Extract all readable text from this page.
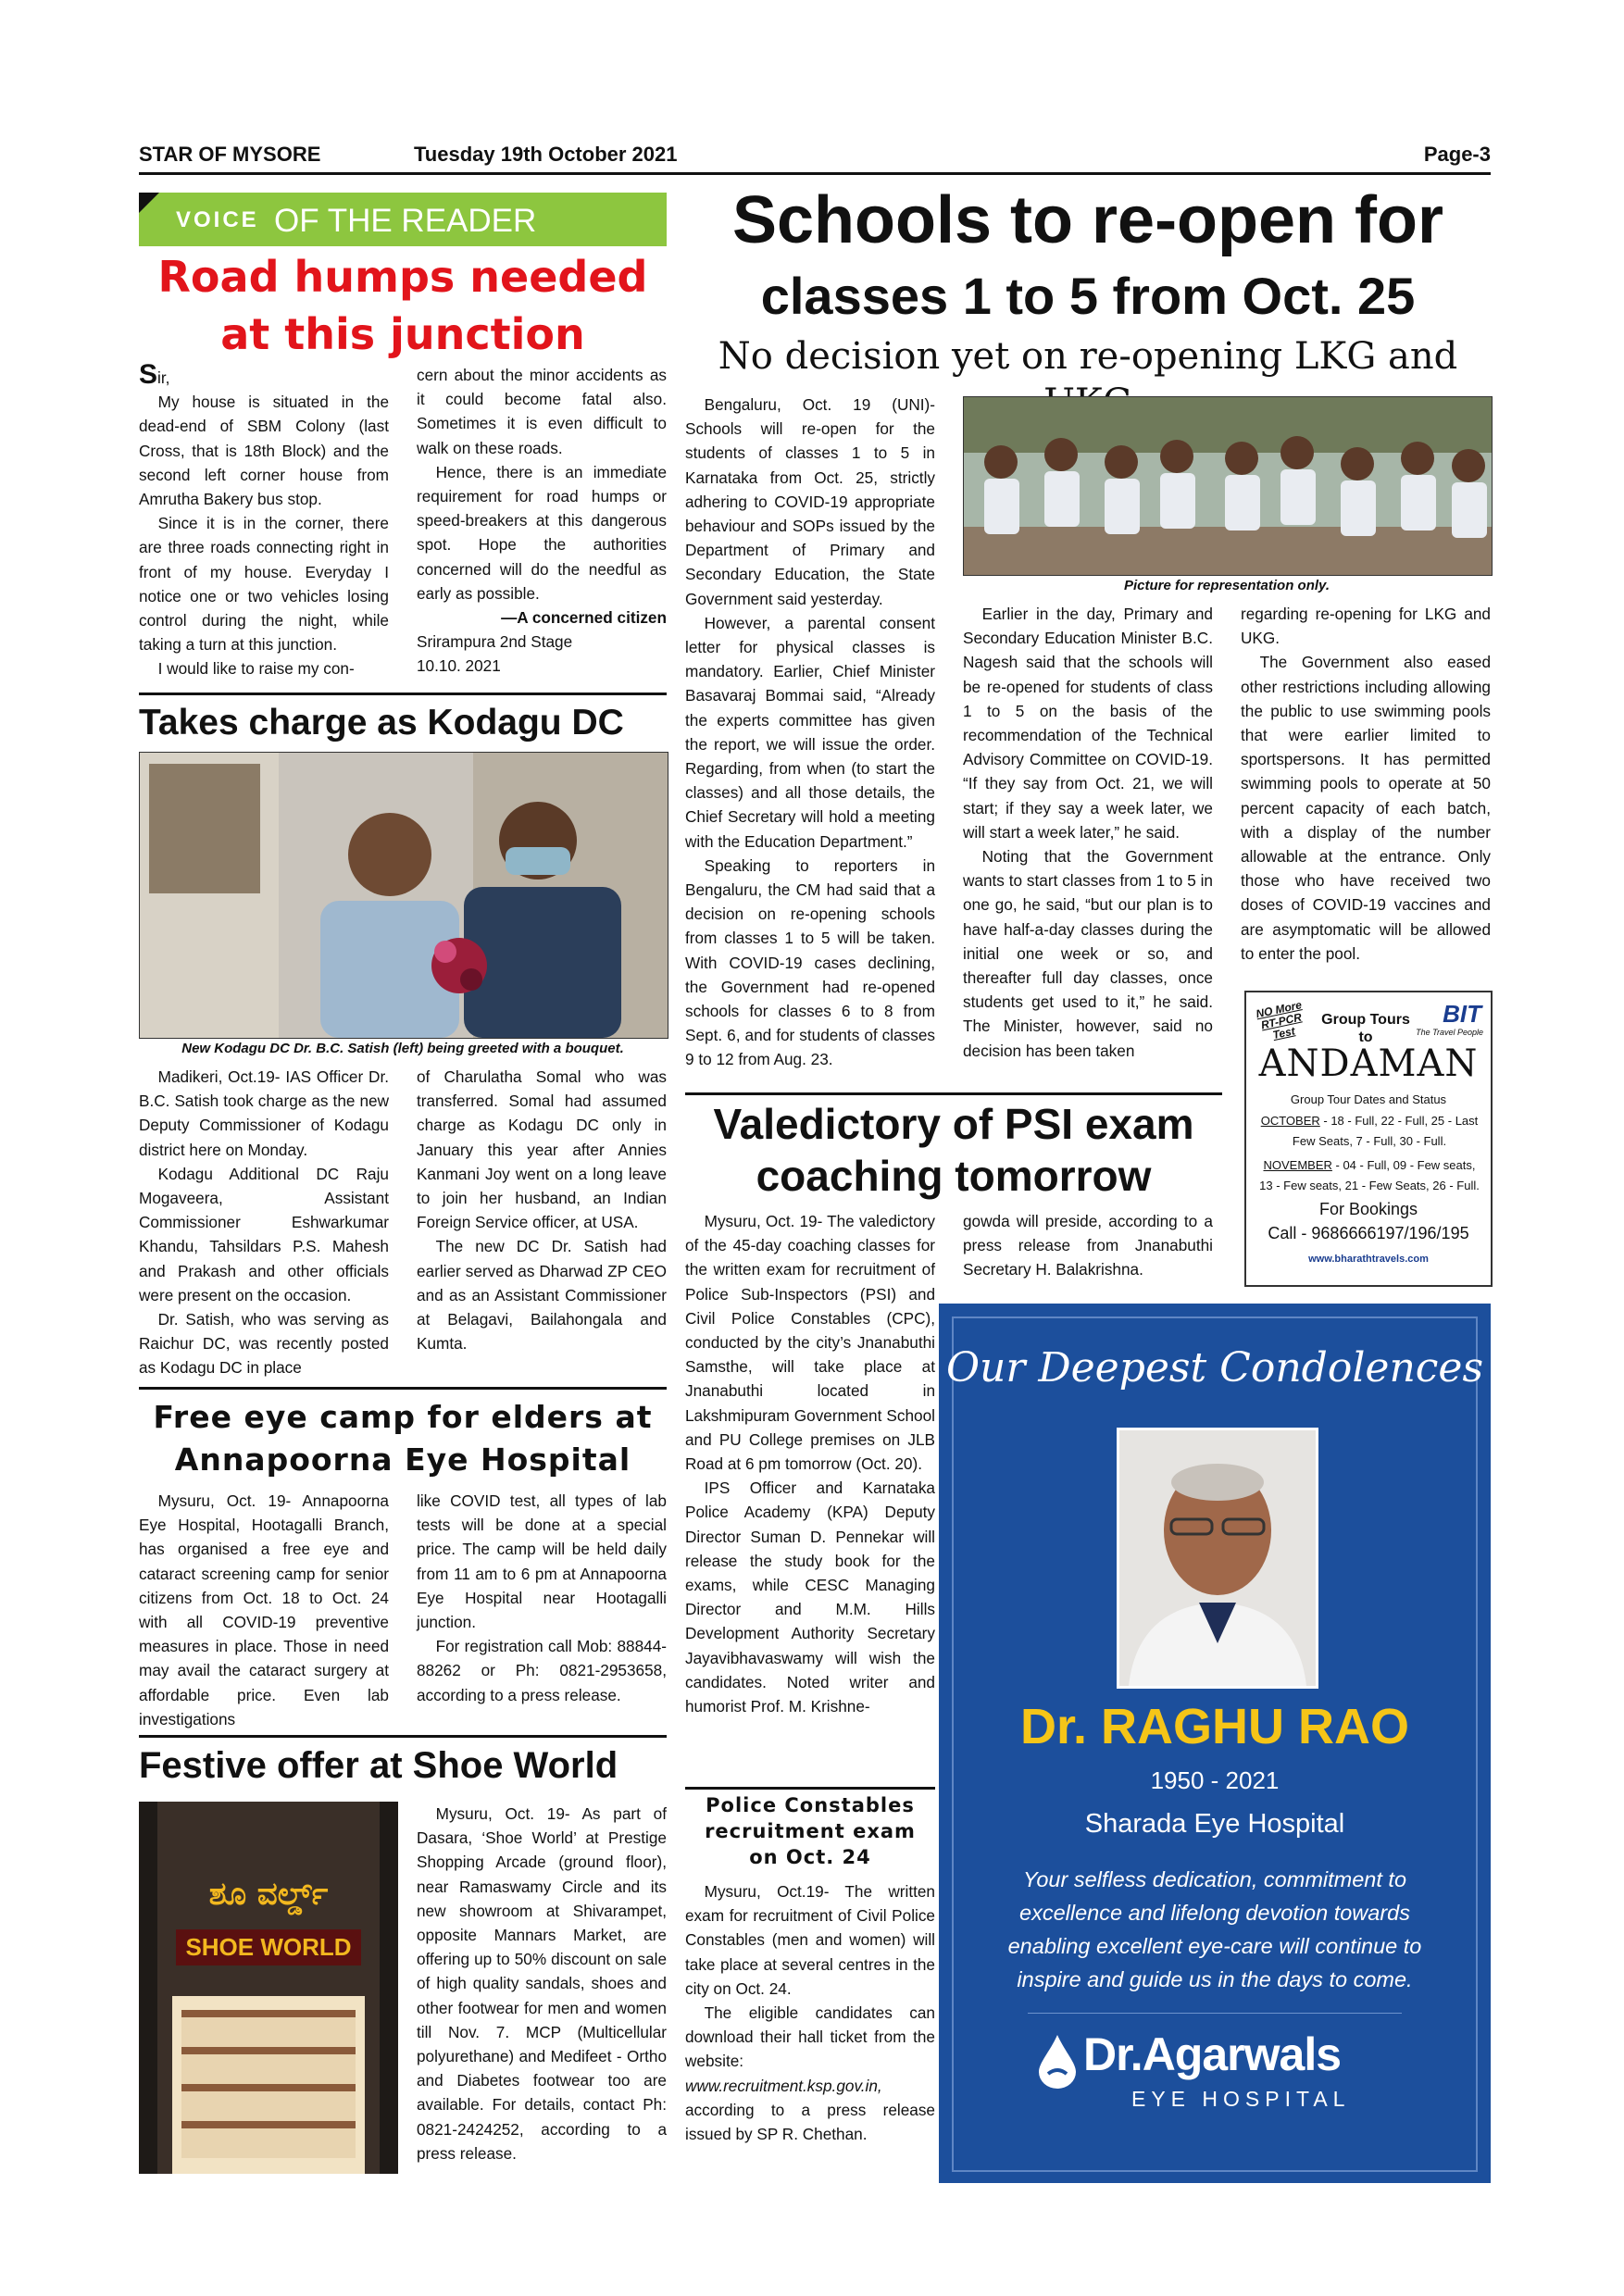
STAR OF MYSORE	Tuesday 19th October 2021	Page-3
VOICE OF THE READER
Road humps needed
at this junction

Sir,

My house is situated in the dead-end of SBM Colony (last Cross, that is 18th Block) and the second left corner house from Amrutha Bakery bus stop.

Since it is in the corner, there are three roads connecting right in front of my house. Everyday I notice one or two vehicles losing control during the night, while taking a turn at this junction.

I would like to raise my con-

cern about the minor accidents as it could become fatal also. Sometimes it is even difficult to walk on these roads.

Hence, there is an immediate requirement for road humps or speed-breakers at this dangerous spot. Hope the authorities concerned will do the needful as early as possible.

—A concerned citizen

Srirampura 2nd Stage

10.10. 2021

Takes charge as Kodagu DC
New Kodagu DC Dr. B.C. Satish (left) being greeted with a bouquet.

Madikeri, Oct.19- IAS Officer Dr. B.C. Satish took charge as the new Deputy Commissioner of Kodagu district here on Monday.

Kodagu Additional DC Raju Mogaveera, Assistant Commissioner Eshwarkumar Khandu, Tahsildars P.S. Mahesh and Prakash and other officials were present on the occasion.

Dr. Satish, who was serving as Raichur DC, was recently posted as Kodagu DC in place

of Charulatha Somal who was transferred. Somal had assumed charge as Kodagu DC only in January this year after Annies Kanmani Joy went on a long leave to join her husband, an Indian Foreign Service officer, at USA.

The new DC Dr. Satish had earlier served as Dharwad ZP CEO and as an Assistant Commissioner at Belagavi, Bailahongala and Kumta.

Free eye camp for elders at
Annapoorna Eye Hospital

Mysuru, Oct. 19- Annapoorna Eye Hospital, Hootagalli Branch, has organised a free eye and cataract screening camp for senior citizens from Oct. 18 to Oct. 24 with all COVID-19 preventive measures in place. Those in need may avail the cataract surgery at affordable price. Even lab investigations

like COVID test, all types of lab tests will be done at a special price. The camp will be held daily from 11 am to 6 pm at Annapoorna Eye Hospital near Hootagalli junction.

For registration call Mob: 88844-88262 or Ph: 0821-2953658, according to a press release.

Festive offer at Shoe World
ಶೂ ವರ್ಲ್ಡ್
SHOE WORLD

Mysuru, Oct. 19- As part of Dasara, ‘Shoe World’ at Prestige Shopping Arcade (ground floor), near Ramaswamy Circle and its new showroom at Shivarampet, opposite Mannars Market, are offering up to 50% discount on sale of high quality sandals, shoes and other footwear for men and women till Nov. 7. MCP (Multicellular polyurethane) and Medifeet - Ortho and Diabetes footwear too are available. For details, contact Ph: 0821-2424252, according to a press release.

Schools to re-open for
classes 1 to 5 from Oct. 25
No decision yet on re-opening LKG and

Bengaluru, Oct. 19 (UNI)- Schools will re-open for the students of classes 1 to 5 in Karnataka from Oct. 25, strictly adhering to COVID-19 appropriate behaviour and SOPs issued by the Department of Primary and Secondary Education, the State Government said yesterday.

However, a parental consent letter for physical classes is mandatory. Earlier, Chief Minister Basavaraj Bommai said, “Already the experts committee has given the report, we will issue the order. Regarding, from when (to start the classes) and all those details, the Chief Secretary will hold a meeting with the Education Department.”

Speaking to reporters in Bengaluru, the CM had said that a decision on re-opening schools from classes 1 to 5 will be taken. With COVID-19 cases declining, the Government had re-opened schools for classes 6 to 8 from Sept. 6, and for students of classes 9 to 12 from Aug. 23.

Picture for representation only.

Earlier in the day, Primary and Secondary Education Minister B.C. Nagesh said that the schools will be re-opened for students of class 1 to 5 on the basis of the recommendation of the Technical Advisory Committee on COVID-19. “If they say from Oct. 21, we will start; if they say a week later, we will start a week later,” he said.

Noting that the Government wants to start classes from 1 to 5 in one go, he said, “but our plan is to have half-a-day classes during the initial one week or so, and thereafter full day classes, once students get used to it,” he said. The Minister, however, said no decision has been taken

regarding re-opening for LKG and UKG.

The Government also eased other restrictions including allowing the public to use swimming pools that were earlier limited to sportspersons. It has permitted swimming pools to operate at 50 percent capacity of each batch, with a display of the number allowable at the entrance. Only those who have received two doses of COVID-19 vaccines and are asymptomatic will be allowed to enter the pool.

NO More RT-PCR Test
Group Tours to
BIT
The Travel People
ANDAMAN
Group Tour Dates and Status
OCTOBER - 18 - Full, 22 - Full, 25 - Last Few Seats, 7 - Full, 30 - Full.
NOVEMBER - 04 - Full, 09 - Few seats, 13 - Few seats, 21 - Few Seats, 26 - Full.
For Bookings
Call - 9686666197/196/195
www.bharathtravels.com
Valedictory of PSI exam
coaching tomorrow

Mysuru, Oct. 19- The valedictory of the 45-day coaching classes for the written exam for recruitment of Police Sub-Inspectors (PSI) and Civil Police Constables (CPC), conducted by the city’s Jnanabuthi Samsthe, will take place at Jnanabuthi located in Lakshmipuram Government School and PU College premises on JLB Road at 6 pm tomorrow (Oct. 20).

IPS Officer and Karnataka Police Academy (KPA) Deputy Director Suman D. Pennekar will release the study book for the exams, while CESC Managing Director and M.M. Hills Development Authority Secretary Jayavibhavaswamy will wish the candidates. Noted writer and humorist Prof. M. Krishne-

gowda will preside, according to a press release from Jnanabuthi Secretary H. Balakrishna.

Police Constables
recruitment exam
on Oct. 24

Mysuru, Oct.19- The written exam for recruitment of Civil Police Constables (men and women) will take place at several centres in the city on Oct. 24.

The eligible candidates can download their hall ticket from the website: www.recruitment.ksp.gov.in, according to a press release issued by SP R. Chethan.

Our Deepest Condolences
Dr. RAGHU RAO
1950 - 2021
Sharada Eye Hospital
Your selfless dedication, commitment to excellence and lifelong devotion towards enabling excellent eye-care will continue to inspire and guide us in the days to come.
Dr.Agarwals
EYE HOSPITAL
